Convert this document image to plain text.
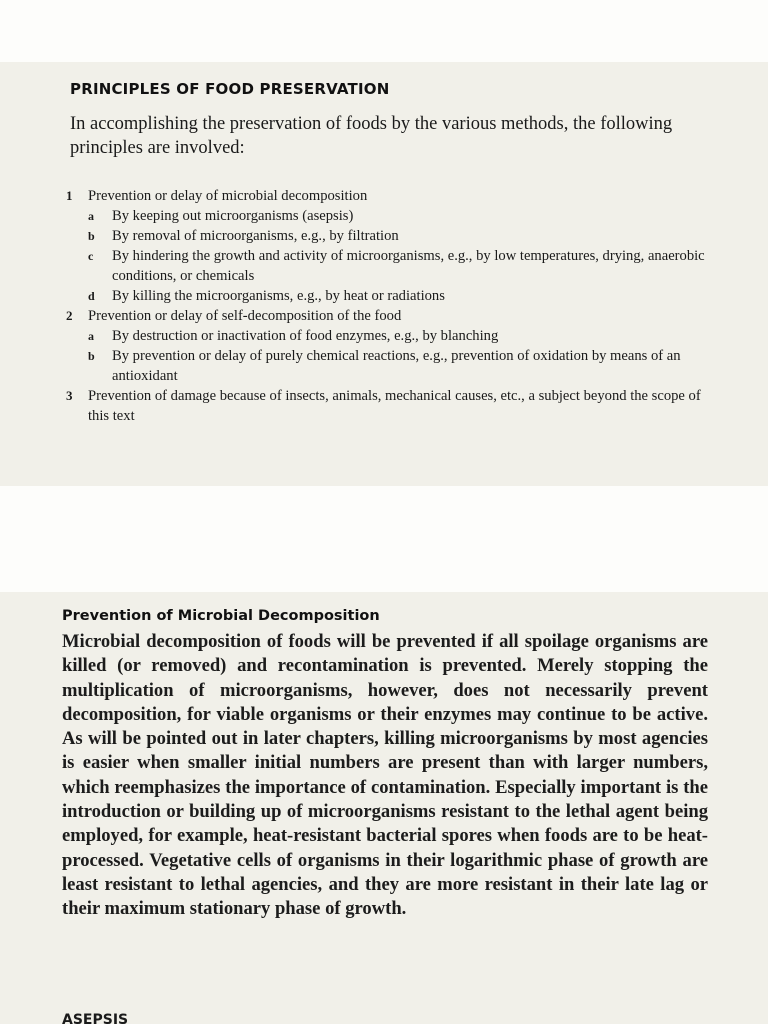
PRINCIPLES OF FOOD PRESERVATION
In accomplishing the preservation of foods by the various methods, the following principles are involved:
1	Prevention or delay of microbial decomposition
a	By keeping out microorganisms (asepsis)
b	By removal of microorganisms, e.g., by filtration
c	By hindering the growth and activity of microorganisms, e.g., by low temperatures, drying, anaerobic conditions, or chemicals
d	By killing the microorganisms, e.g., by heat or radiations
2	Prevention or delay of self-decomposition of the food
a	By destruction or inactivation of food enzymes, e.g., by blanching
b	By prevention or delay of purely chemical reactions, e.g., prevention of oxidation by means of an antioxidant
3	Prevention of damage because of insects, animals, mechanical causes, etc., a subject beyond the scope of this text
Prevention of Microbial Decomposition
Microbial decomposition of foods will be prevented if all spoilage organisms are killed (or removed) and recontamination is prevented. Merely stopping the multiplication of microorganisms, however, does not necessarily prevent decomposition, for viable organisms or their enzymes may continue to be active. As will be pointed out in later chapters, killing microorganisms by most agencies is easier when smaller initial numbers are present than with larger numbers, which reemphasizes the importance of contamination. Especially important is the introduction or building up of microorganisms resistant to the lethal agent being employed, for example, heat-resistant bacterial spores when foods are to be heat-processed. Vegetative cells of organisms in their logarithmic phase of growth are least resistant to lethal agencies, and they are more resistant in their late lag or their maximum stationary phase of growth.
ASEPSIS
